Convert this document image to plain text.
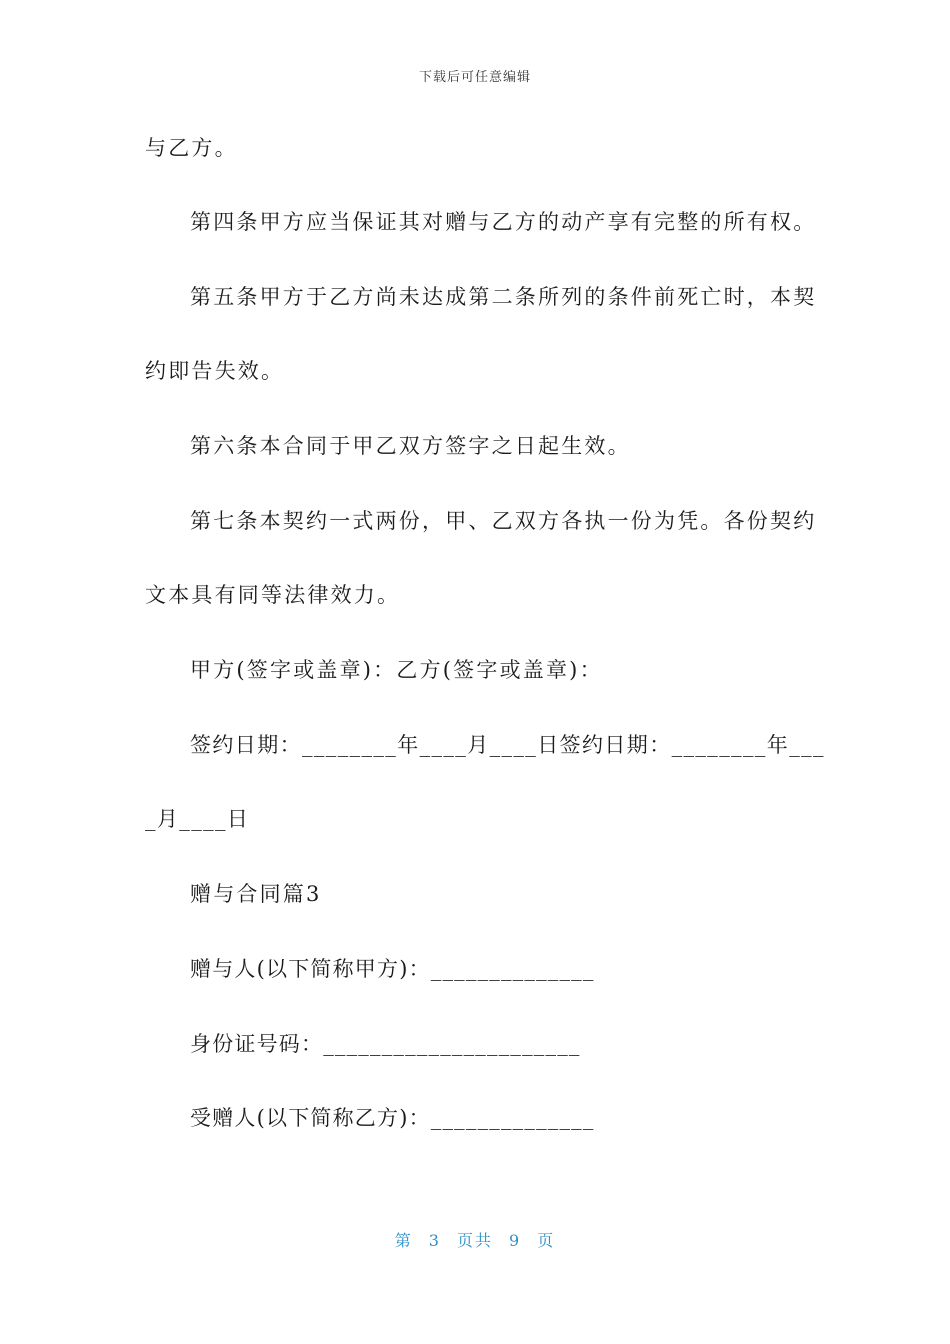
下载后可任意编辑
与乙方。
第四条甲方应当保证其对赠与乙方的动产享有完整的所有权。
第五条甲方于乙方尚未达成第二条所列的条件前死亡时，本契
约即告失效。
第六条本合同于甲乙双方签字之日起生效。
第七条本契约一式两份，甲、乙双方各执一份为凭。各份契约
文本具有同等法律效力。
甲方(签字或盖章)：乙方(签字或盖章)：
签约日期：________年____月____日签约日期：________年___
_月____日
赠与合同篇3
赠与人(以下简称甲方)：______________
身份证号码：______________________
受赠人(以下简称乙方)：______________
第 3 页共 9 页
